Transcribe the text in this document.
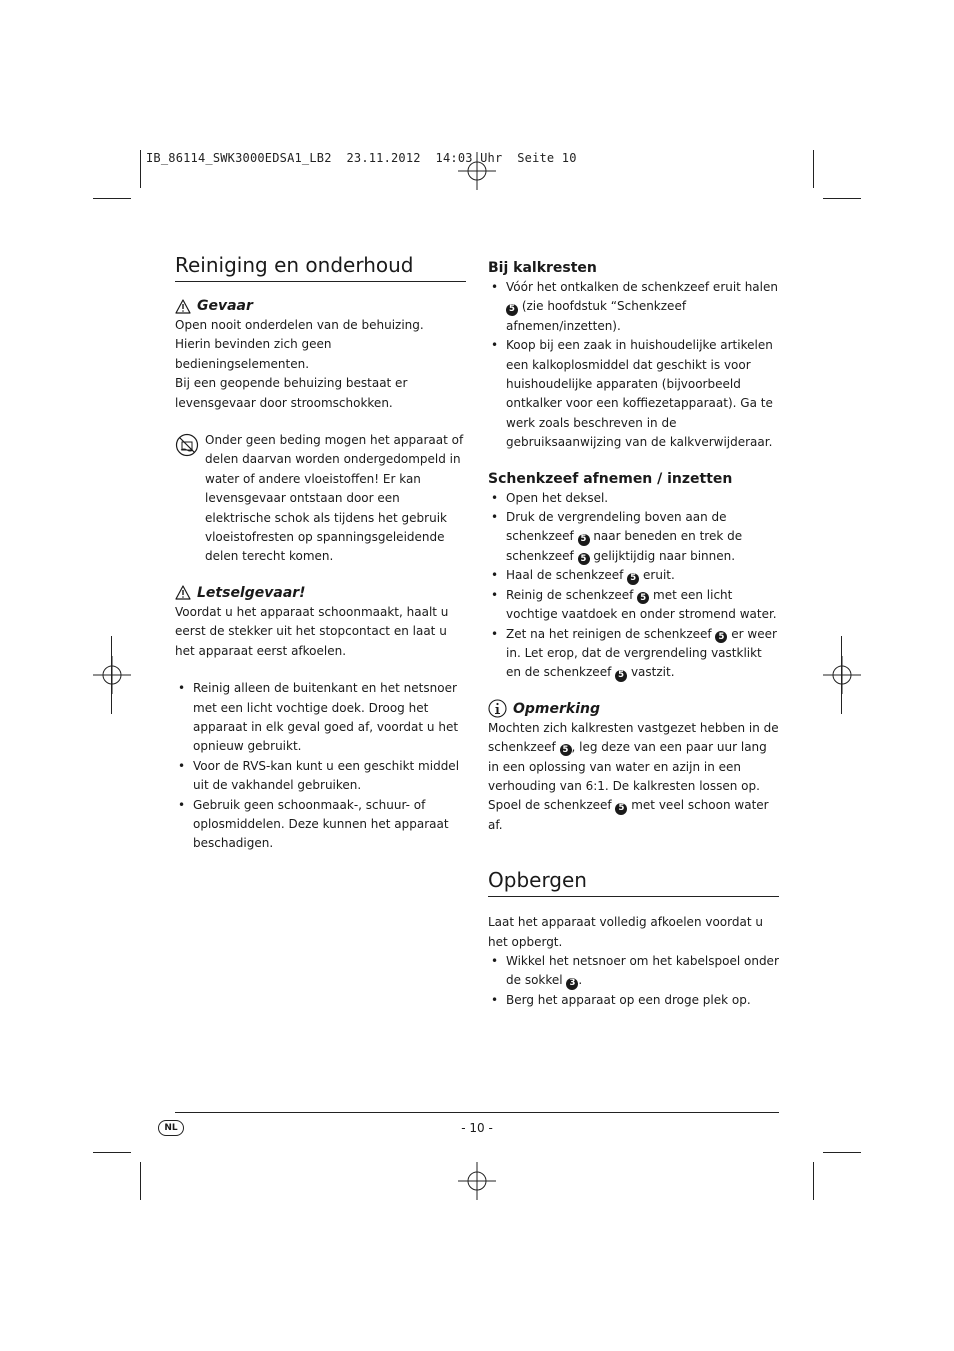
IB_86114_SWK3000EDSA1_LB2  23.11.2012  14:03 Uhr  Seite 10
Reiniging en onderhoud
Gevaar

Open nooit onderdelen van de behuizing.

Hierin bevinden zich geen bedieningselementen.

Bij een geopende behuizing bestaat er levensgevaar door stroomschokken.

Onder geen beding mogen het apparaat of delen daarvan worden ondergedompeld in water of andere vloeistoffen! Er kan levensgevaar ontstaan door een elektrische schok als tijdens het gebruik vloeistofresten op spanningsgeleidende delen terecht komen.

Letselgevaar!

Voordat u het apparaat schoonmaakt, haalt u eerst de stekker uit het stopcontact en laat u het apparaat eerst afkoelen.

• Reinig alleen de buitenkant en het netsnoer met een licht vochtige doek. Droog het apparaat in elk geval goed af, voordat u het opnieuw gebruikt.
• Voor de RVS-kan kunt u een geschikt middel uit de vakhandel gebruiken.
• Gebruik geen schoonmaak-, schuur- of oplosmiddelen. Deze kunnen het apparaat beschadigen.
Bij kalkresten
• Vóór het ontkalken de schenkzeef eruit halen 5 (zie hoofdstuk “Schenkzeef afnemen/inzetten).
• Koop bij een zaak in huishoudelijke artikelen een kalkoplosmiddel dat geschikt is voor huishoudelijke apparaten (bijvoorbeeld ontkalker voor een koffiezetapparaat). Ga te werk zoals beschreven in de gebruiksaanwijzing van de kalkverwijderaar.
Schenkzeef afnemen / inzetten
• Open het deksel.
• Druk de vergrendeling boven aan de schenkzeef 5 naar beneden en trek de schenkzeef 5 gelijktijdig naar binnen.
• Haal de schenkzeef 5 eruit.
• Reinig de schenkzeef 5 met een licht vochtige vaatdoek en onder stromend water.
• Zet na het reinigen de schenkzeef 5 er weer in. Let erop, dat de vergrendeling vastklikt en de schenkzeef 5 vastzit.
Opmerking

Mochten zich kalkresten vastgezet hebben in de schenkzeef 5 , leg deze van een paar uur lang in een oplossing van water en azijn in een verhouding van 6:1. De kalkresten lossen op.

Spoel de schenkzeef 5 met veel schoon water af.

Opbergen

Laat het apparaat volledig afkoelen voordat u het opbergt.

• Wikkel het netsnoer om het kabelspoel onder de sokkel 3 .
• Berg het apparaat op een droge plek op.
NL	- 10 -
